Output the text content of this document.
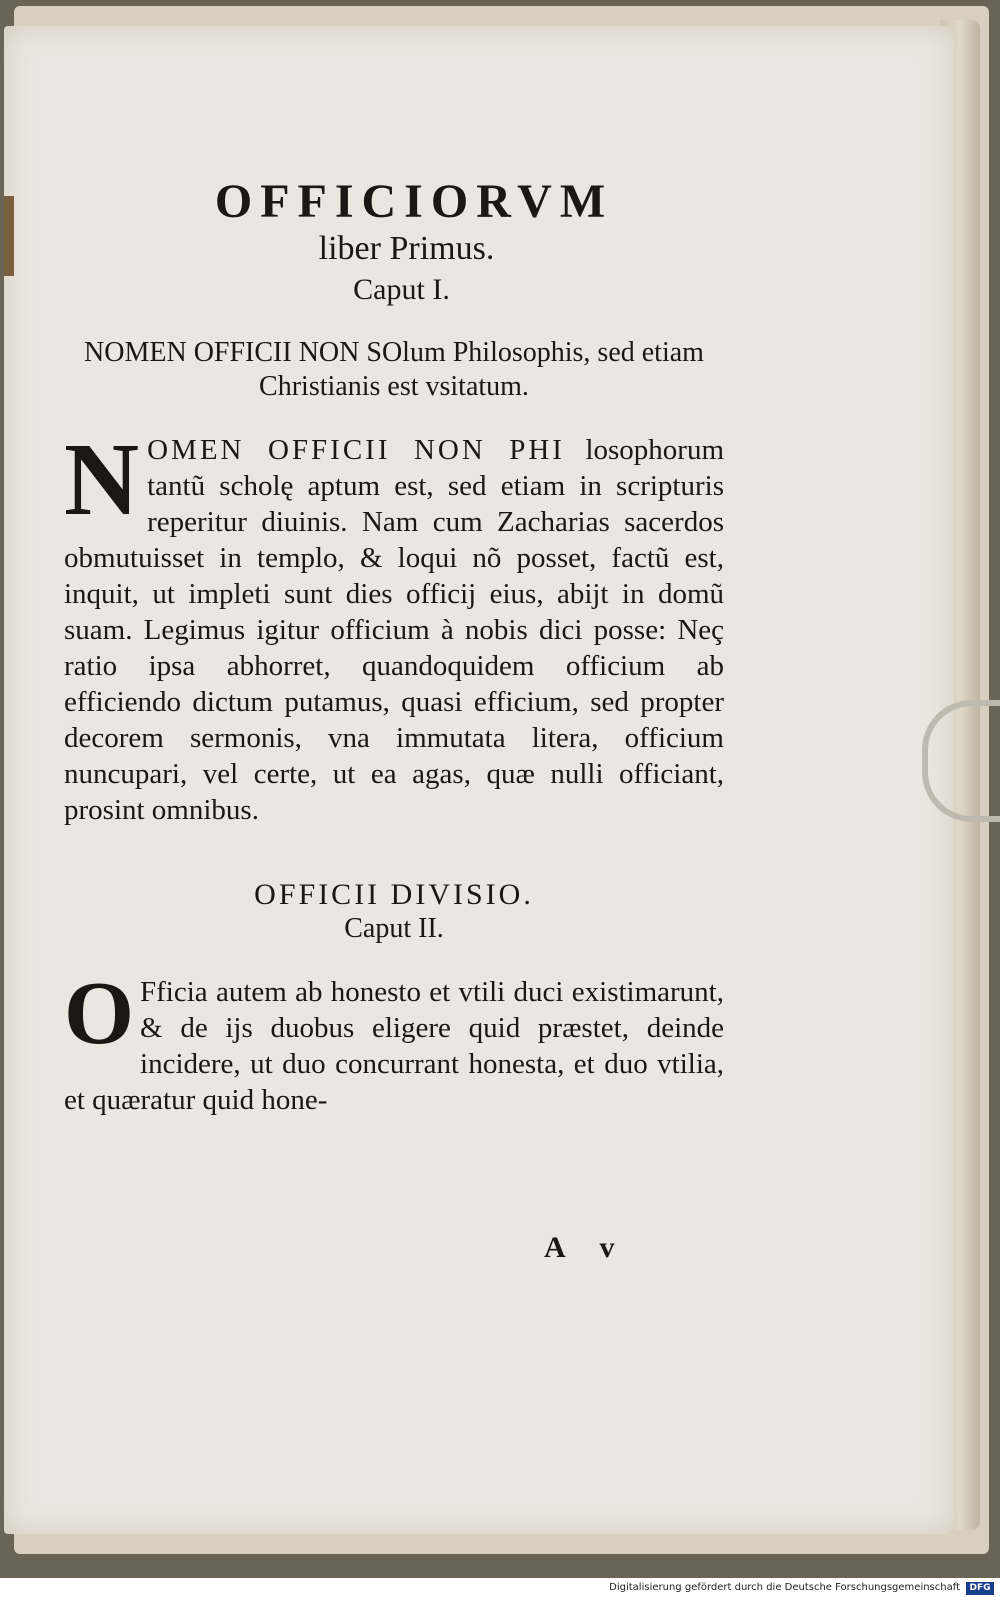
OFFICIORVM
liber Primus.
Caput I.
NOMEN OFFICII NON SOlum Philosophis, sed etiam Christianis est vsitatum.

NOMEN OFFICII NON PHI losophorum tantũ scholę aptum est, sed etiam in scripturis reperitur diuinis. Nam cum Zacharias sacerdos obmutuisset in templo, & loqui nõ posset, factũ est, inquit, ut impleti sunt dies officĳ eius, abĳt in domũ suam. Legimus igitur officium à nobis dici posse: Neç ratio ipsa abhorret, quandoquidem officium ab efficiendo dictum putamus, quasi efficium, sed propter decorem sermonis, vna immutata litera, officium nuncupari, vel certe, ut ea agas, quæ nulli officiant, prosint omnibus.

OFFICII DIVISIO.
Caput II.

O Fficia autem ab honesto et vtili duci existimarunt, & de ĳs duobus eligere quid præstet, deinde incidere, ut duo concurrant honesta, et duo vtilia, et quæratur quid hone-

A v
Digitalisierung gefördert durch die Deutsche Forschungsgemeinschaft	DFG
